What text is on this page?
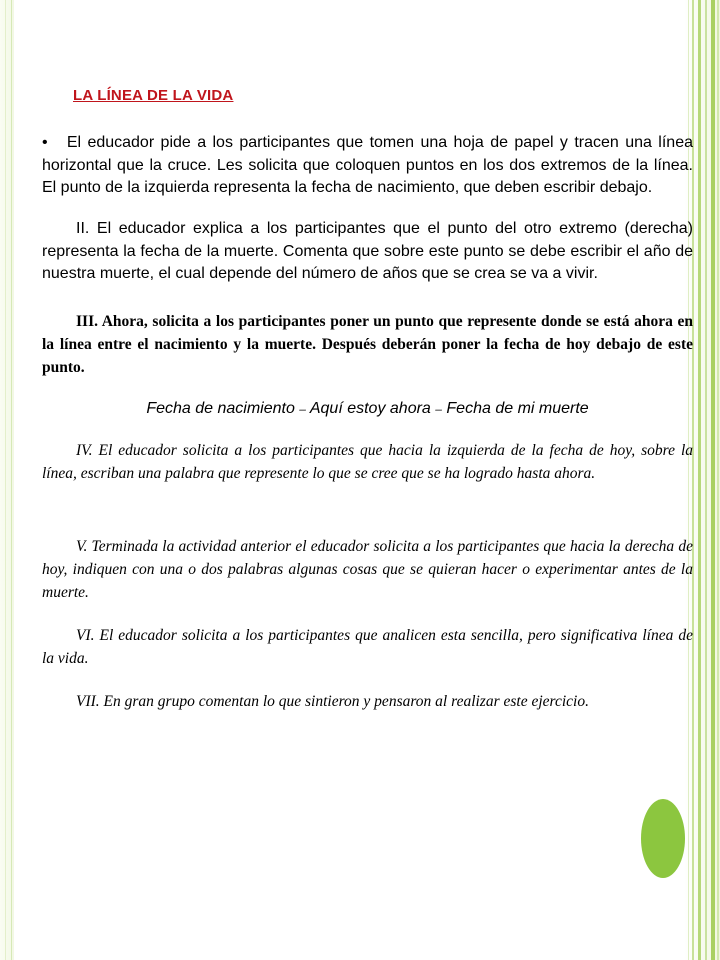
LA LÍNEA DE LA VIDA

• El educador pide a los participantes que tomen una hoja de papel y tracen una línea horizontal que la cruce. Les solicita que coloquen puntos en los dos extremos de la línea. El punto de la izquierda representa la fecha de nacimiento, que deben escribir debajo.

II. El educador explica a los participantes que el punto del otro extremo (derecha) representa la fecha de la muerte. Comenta que sobre este punto se debe escribir el año de nuestra muerte, el cual depende del número de años que se crea se va a vivir.

III. Ahora, solicita a los participantes poner un punto que represente donde se está ahora en la línea entre el nacimiento y la muerte. Después deberán poner la fecha de hoy debajo de este punto.

Fecha de nacimiento – Aquí estoy ahora – Fecha de mi muerte

IV. El educador solicita a los participantes que hacia la izquierda de la fecha de hoy, sobre la línea, escriban una palabra que represente lo que se cree que se ha logrado hasta ahora.

V. Terminada la actividad anterior el educador solicita a los participantes que hacia la derecha de hoy, indiquen con una o dos palabras algunas cosas que se quieran hacer o experimentar antes de la muerte.

VI. El educador solicita a los participantes que analicen esta sencilla, pero significativa línea de la vida.

VII. En gran grupo comentan lo que sintieron y pensaron al realizar este ejercicio.
